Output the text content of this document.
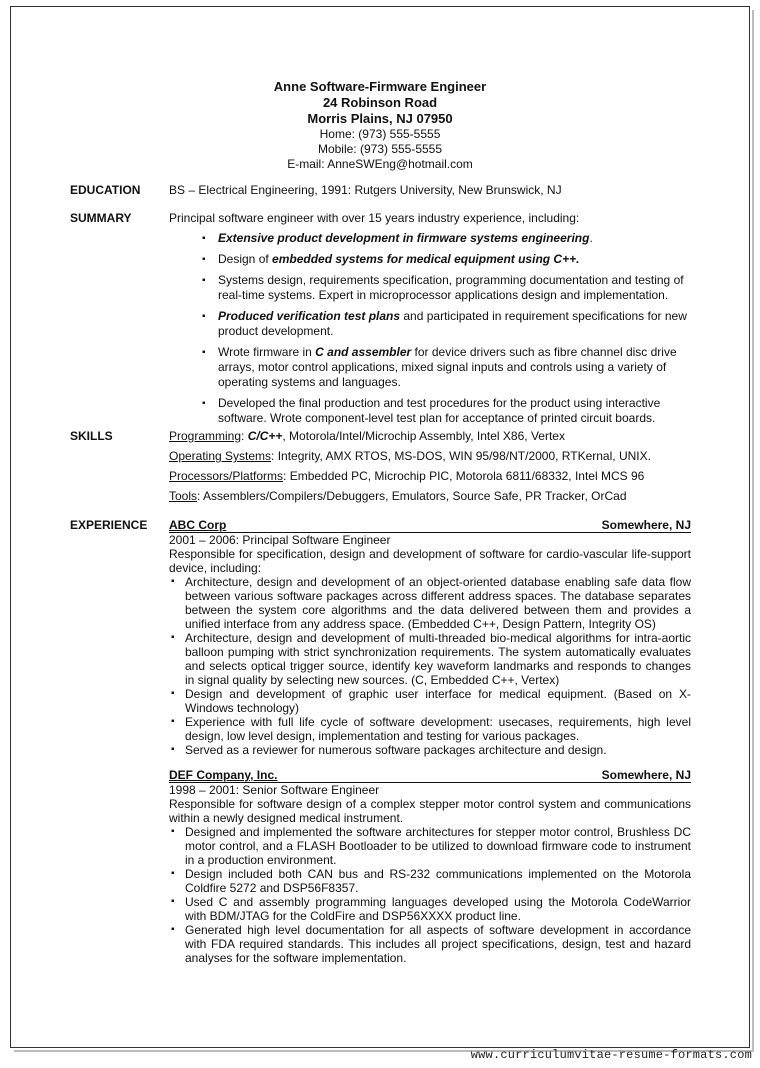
Anne Software-Firmware Engineer
24 Robinson Road
Morris Plains, NJ 07950
Home: (973) 555-5555
Mobile: (973) 555-5555
E-mail: AnneSWEng@hotmail.com
EDUCATION BS – Electrical Engineering, 1991: Rutgers University, New Brunswick, NJ
SUMMARY	Principal software engineer with over 15 years industry experience, including:
▪ Extensive product development in firmware systems engineering.
▪ Design of embedded systems for medical equipment using C++.
▪ Systems design, requirements specification, programming documentation and testing of real-time systems. Expert in microprocessor applications design and implementation.
▪ Produced verification test plans and participated in requirement specifications for new product development.
▪ Wrote firmware in C and assembler for device drivers such as fibre channel disc drive arrays, motor control applications, mixed signal inputs and controls using a variety of operating systems and languages.
▪ Developed the final production and test procedures for the product using interactive software. Wrote component-level test plan for acceptance of printed circuit boards.
SKILLS	Programming: C/C++, Motorola/Intel/Microchip Assembly, Intel X86, Vertex
Operating Systems: Integrity, AMX RTOS, MS-DOS, WIN 95/98/NT/2000, RTKernal, UNIX.
Processors/Platforms: Embedded PC, Microchip PIC, Motorola 6811/68332, Intel MCS 96
Tools: Assemblers/Compilers/Debuggers, Emulators, Source Safe, PR Tracker, OrCad
EXPERIENCE ABC Corp	Somewhere, NJ
2001 – 2006: Principal Software Engineer
Responsible for specification, design and development of software for cardio-vascular life-support device, including:
▪ Architecture, design and development of an object-oriented database enabling safe data flow between various software packages across different address spaces. The database separates between the system core algorithms and the data delivered between them and provides a unified interface from any address space. (Embedded C++, Design Pattern, Integrity OS)
▪ Architecture, design and development of multi-threaded bio-medical algorithms for intra-aortic balloon pumping with strict synchronization requirements. The system automatically evaluates and selects optical trigger source, identify key waveform landmarks and responds to changes in signal quality by selecting new sources. (C, Embedded C++, Vertex)
▪ Design and development of graphic user interface for medical equipment. (Based on X-Windows technology)
▪ Experience with full life cycle of software development: usecases, requirements, high level design, low level design, implementation and testing for various packages.
▪ Served as a reviewer for numerous software packages architecture and design.
DEF Company, Inc.	Somewhere, NJ
1998 – 2001: Senior Software Engineer
Responsible for software design of a complex stepper motor control system and communications within a newly designed medical instrument.
▪ Designed and implemented the software architectures for stepper motor control, Brushless DC motor control, and a FLASH Bootloader to be utilized to download firmware code to instrument in a production environment.
▪ Design included both CAN bus and RS-232 communications implemented on the Motorola Coldfire 5272 and DSP56F8357.
▪ Used C and assembly programming languages developed using the Motorola CodeWarrior with BDM/JTAG for the ColdFire and DSP56XXXX product line.
▪ Generated high level documentation for all aspects of software development in accordance with FDA required standards. This includes all project specifications, design, test and hazard analyses for the software implementation.
www.curriculumvitae-resume-formats.com
